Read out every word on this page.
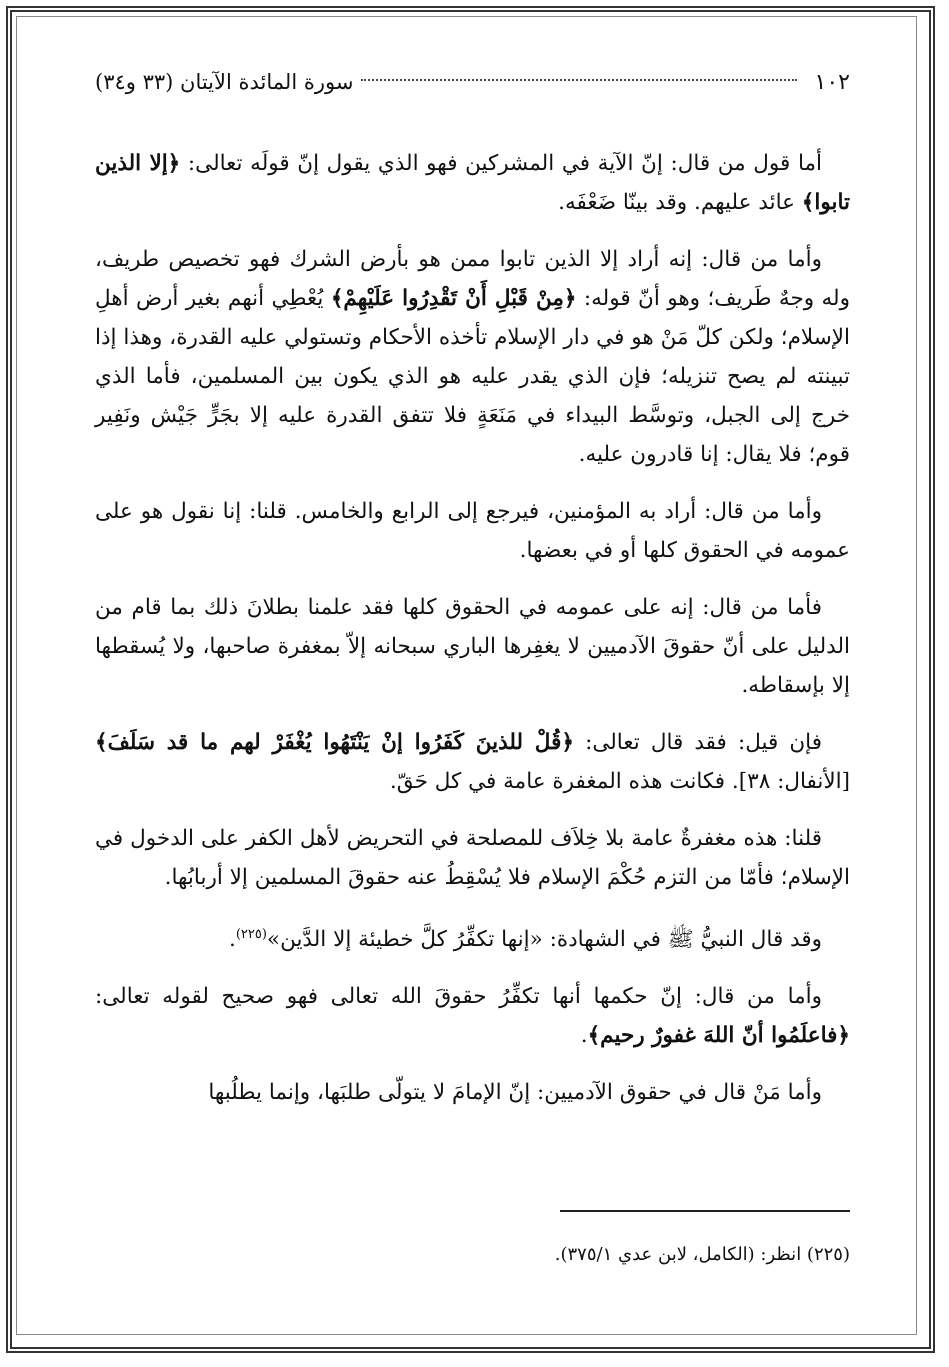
١٠٢
سورة المائدة الآيتان (٣٣ و٣٤)

أما قول من قال: إنّ الآية في المشركين فهو الذي يقول إنّ قولَه تعالى: ﴿إلا الذين تابوا﴾ عائد عليهم. وقد بينّا ضَعْفَه.

وأما من قال: إنه أراد إلا الذين تابوا ممن هو بأرض الشرك فهو تخصيص طريف، وله وجهٌ طَريف؛ وهو أنّ قوله: ﴿مِنْ قَبْلِ أَنْ تَقْدِرُوا عَلَيْهِمْ﴾ يُعْطِي أنهم بغير أرض أهلِ الإسلام؛ ولكن كلّ مَنْ هو في دار الإسلام تأخذه الأحكام وتستولي عليه القدرة، وهذا إذا تبينته لم يصح تنزيله؛ فإن الذي يقدر عليه هو الذي يكون بين المسلمين، فأما الذي خرج إلى الجبل، وتوسَّط البيداء في مَنَعَةٍ فلا تتفق القدرة عليه إلا بجَرٍّ جَيْش ونَفِير قوم؛ فلا يقال: إنا قادرون عليه.

وأما من قال: أراد به المؤمنين، فيرجع إلى الرابع والخامس. قلنا: إنا نقول هو على عمومه في الحقوق كلها أو في بعضها.

فأما من قال: إنه على عمومه في الحقوق كلها فقد علمنا بطلانَ ذلك بما قام من الدليل على أنّ حقوقَ الآدميين لا يغفِرها الباري سبحانه إلاّ بمغفرة صاحبها، ولا يُسقطها إلا بإسقاطه.

فإن قيل: فقد قال تعالى: ﴿قُلْ للذينَ كَفَرُوا إنْ يَنْتَهُوا يُغْفَرْ لهم ما قد سَلَفَ﴾ [الأنفال: ٣٨]. فكانت هذه المغفرة عامة في كل حَقّ.

قلنا: هذه مغفرةٌ عامة بلا خِلاَف للمصلحة في التحريض لأهل الكفر على الدخول في الإسلام؛ فأمّا من التزم حُكْمَ الإسلام فلا يُسْقِطُ عنه حقوقَ المسلمين إلا أربابُها.

وقد قال النبيُّ ﷺ في الشهادة: «إنها تكفِّرُ كلَّ خطيئة إلا الدَّين»$^{(٢٢٥)}$.

وأما من قال: إنّ حكمها أنها تكفِّرُ حقوقَ الله تعالى فهو صحيح لقوله تعالى: ﴿فاعلَمُوا أنّ اللهَ غفورٌ رحيم﴾.

وأما مَنْ قال في حقوق الآدميين: إنّ الإمامَ لا يتولّى طلبَها، وإنما يطلُبها

(٢٢٥) انظر: (الكامل، لابن عدي ٣٧٥/١).
